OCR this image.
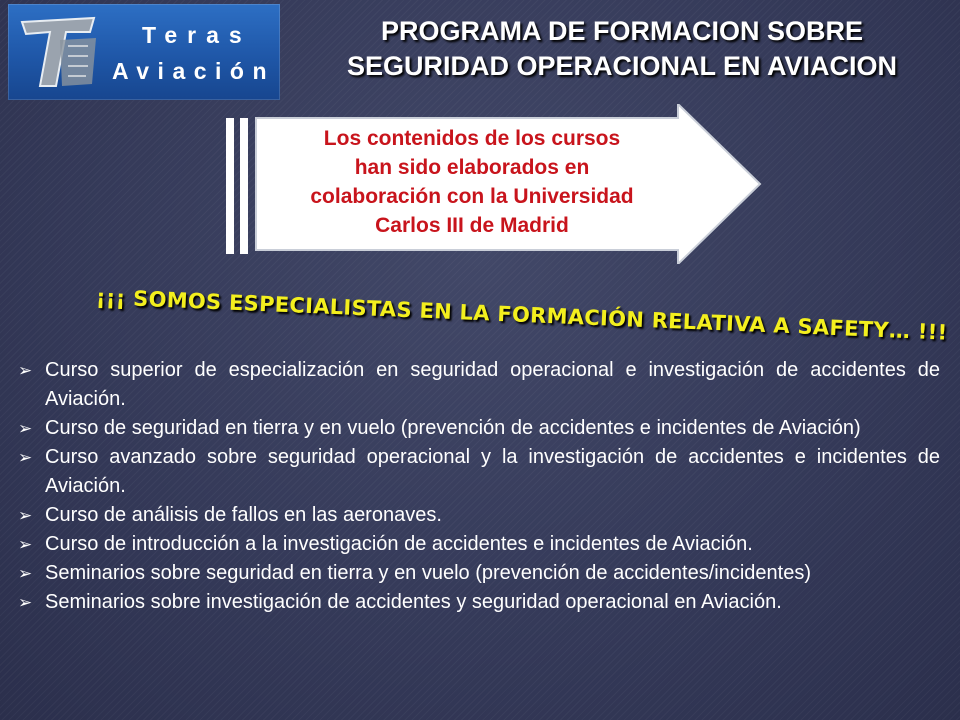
Teras
Aviación
PROGRAMA DE FORMACION SOBRE
SEGURIDAD OPERACIONAL EN AVIACION
Los contenidos de los cursos
han sido elaborados en
colaboración con la Universidad
Carlos III de Madrid
¡¡¡ SOMOS ESPECIALISTAS EN LA FORMACIÓN RELATIVA A SAFETY… !!!
➢ Curso superior de especialización en seguridad operacional e investigación de accidentes de Aviación.
➢ Curso de seguridad en tierra y en vuelo (prevención de accidentes e incidentes de Aviación)
➢ Curso avanzado sobre seguridad operacional y la investigación de accidentes e incidentes de Aviación.
➢ Curso de análisis de fallos en las aeronaves.
➢ Curso de introducción a la investigación de accidentes e incidentes de Aviación.
➢ Seminarios sobre seguridad en tierra y en vuelo (prevención de accidentes/incidentes)
➢ Seminarios sobre investigación de accidentes y seguridad operacional en Aviación.
